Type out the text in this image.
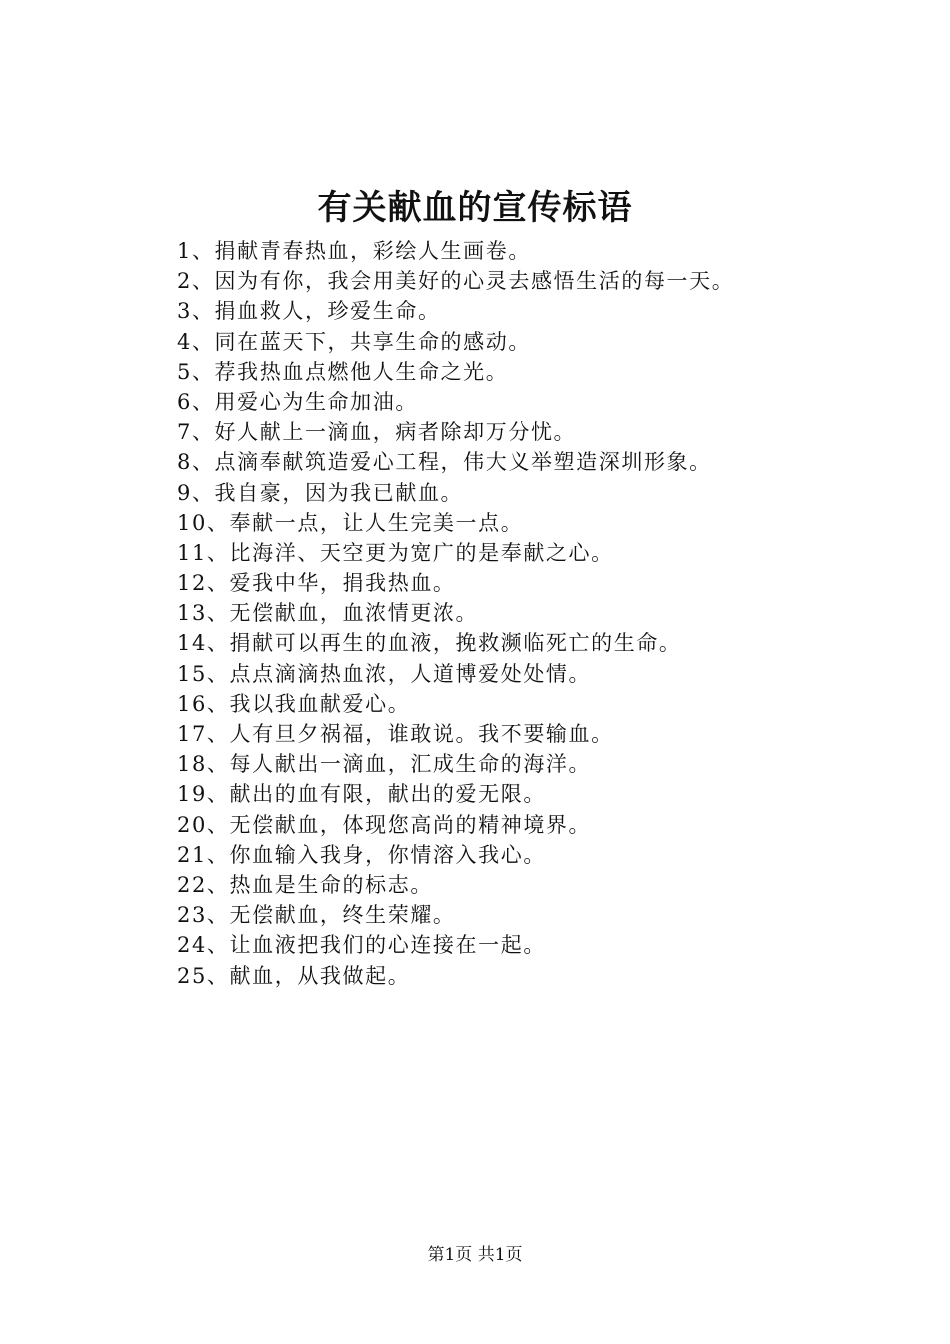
有关献血的宣传标语
1、捐献青春热血，彩绘人生画卷。
2、因为有你，我会用美好的心灵去感悟生活的每一天。
3、捐血救人，珍爱生命。
4、同在蓝天下，共享生命的感动。
5、荐我热血点燃他人生命之光。
6、用爱心为生命加油。
7、好人献上一滴血，病者除却万分忧。
8、点滴奉献筑造爱心工程，伟大义举塑造深圳形象。
9、我自豪，因为我已献血。
10、奉献一点，让人生完美一点。
11、比海洋、天空更为宽广的是奉献之心。
12、爱我中华，捐我热血。
13、无偿献血，血浓情更浓。
14、捐献可以再生的血液，挽救濒临死亡的生命。
15、点点滴滴热血浓，人道博爱处处情。
16、我以我血献爱心。
17、人有旦夕祸福，谁敢说。我不要输血。
18、每人献出一滴血，汇成生命的海洋。
19、献出的血有限，献出的爱无限。
20、无偿献血，体现您高尚的精神境界。
21、你血输入我身，你情溶入我心。
22、热血是生命的标志。
23、无偿献血，终生荣耀。
24、让血液把我们的心连接在一起。
25、献血，从我做起。
第1页 共1页
